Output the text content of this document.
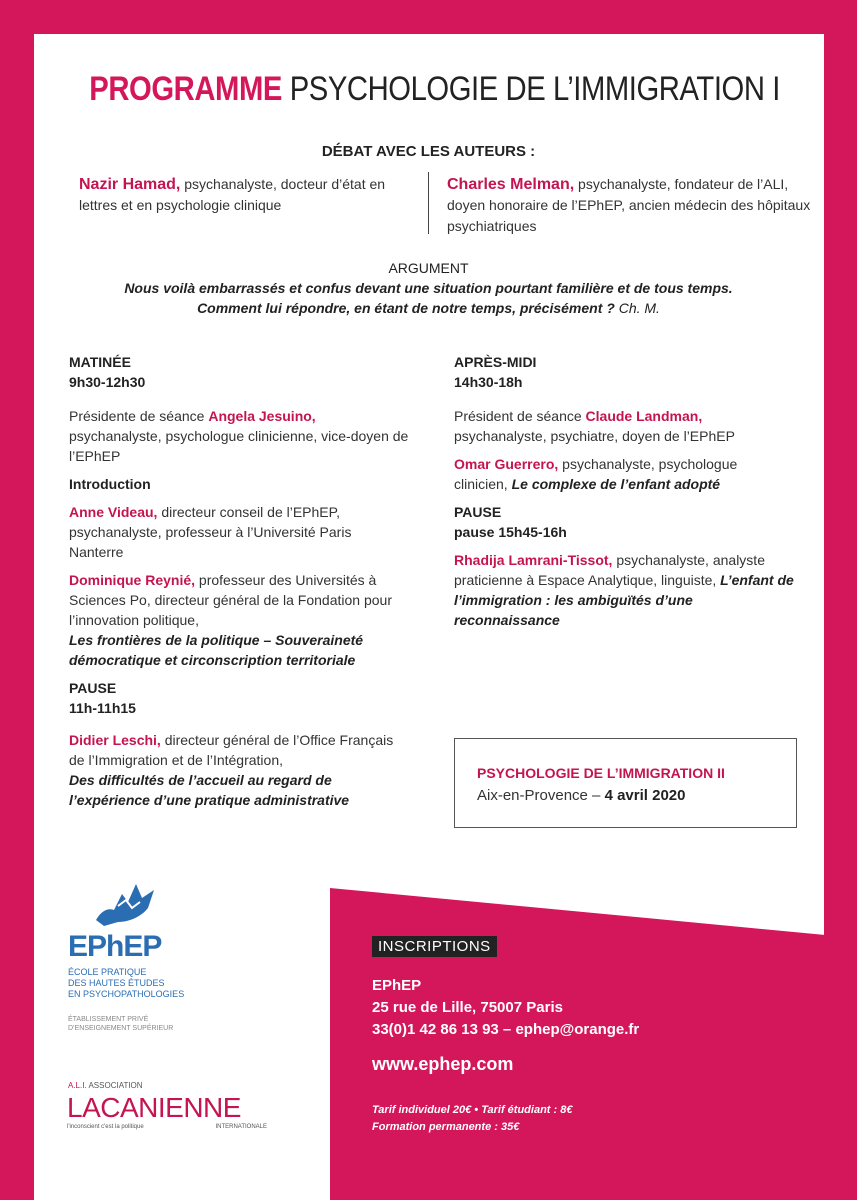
PROGRAMME PSYCHOLOGIE DE L’IMMIGRATION I
DÉBAT AVEC LES AUTEURS :
Nazir Hamad, psychanalyste, docteur d’état en lettres et en psychologie clinique
Charles Melman, psychanalyste, fondateur de l’ALI, doyen honoraire de l’EPhEP, ancien médecin des hôpitaux psychiatriques
ARGUMENT
Nous voilà embarrassés et confus devant une situation pourtant familière et de tous temps.
Comment lui répondre, en étant de notre temps, précisément ? Ch. M.
MATINÉE
9h30-12h30
Présidente de séance Angela Jesuino,
psychanalyste, psychologue clinicienne, vice-doyen de l’EPhEP
Introduction
Anne Videau, directeur conseil de l’EPhEP, psychanalyste, professeur à l’Université Paris Nanterre
Dominique Reynié, professeur des Universités à Sciences Po, directeur général de la Fondation pour l’innovation politique,
Les frontières de la politique – Souveraineté démocratique et circonscription territoriale
PAUSE
11h-11h15
Didier Leschi, directeur général de l’Office Français de l’Immigration et de l’Intégration,
Des difficultés de l’accueil au regard de l’expérience d’une pratique administrative
APRÈS-MIDI
14h30-18h
Président de séance Claude Landman,
psychanalyste, psychiatre, doyen de l’EPhEP
Omar Guerrero, psychanalyste, psychologue clinicien, Le complexe de l’enfant adopté
PAUSE
pause 15h45-16h
Rhadija Lamrani-Tissot, psychanalyste, analyste praticienne à Espace Analytique, linguiste, L’enfant de l’immigration : les ambiguïtés d’une reconnaissance
PSYCHOLOGIE DE L’IMMIGRATION II
Aix-en-Provence – 4 avril 2020
EPhEP
ÉCOLE PRATIQUE
DES HAUTES ÉTUDES
EN PSYCHOPATHOLOGIES
ÉTABLISSEMENT PRIVÉ
D’ENSEIGNEMENT SUPÉRIEUR
A.L.I. ASSOCIATION
LACANIENNE
l'inconscient c'est la politique	INTERNATIONALE
INSCRIPTIONS
EPhEP
25 rue de Lille, 75007 Paris
33(0)1 42 86 13 93 – ephep@orange.fr
www.ephep.com
Tarif individuel 20€ • Tarif étudiant : 8€
Formation permanente : 35€
